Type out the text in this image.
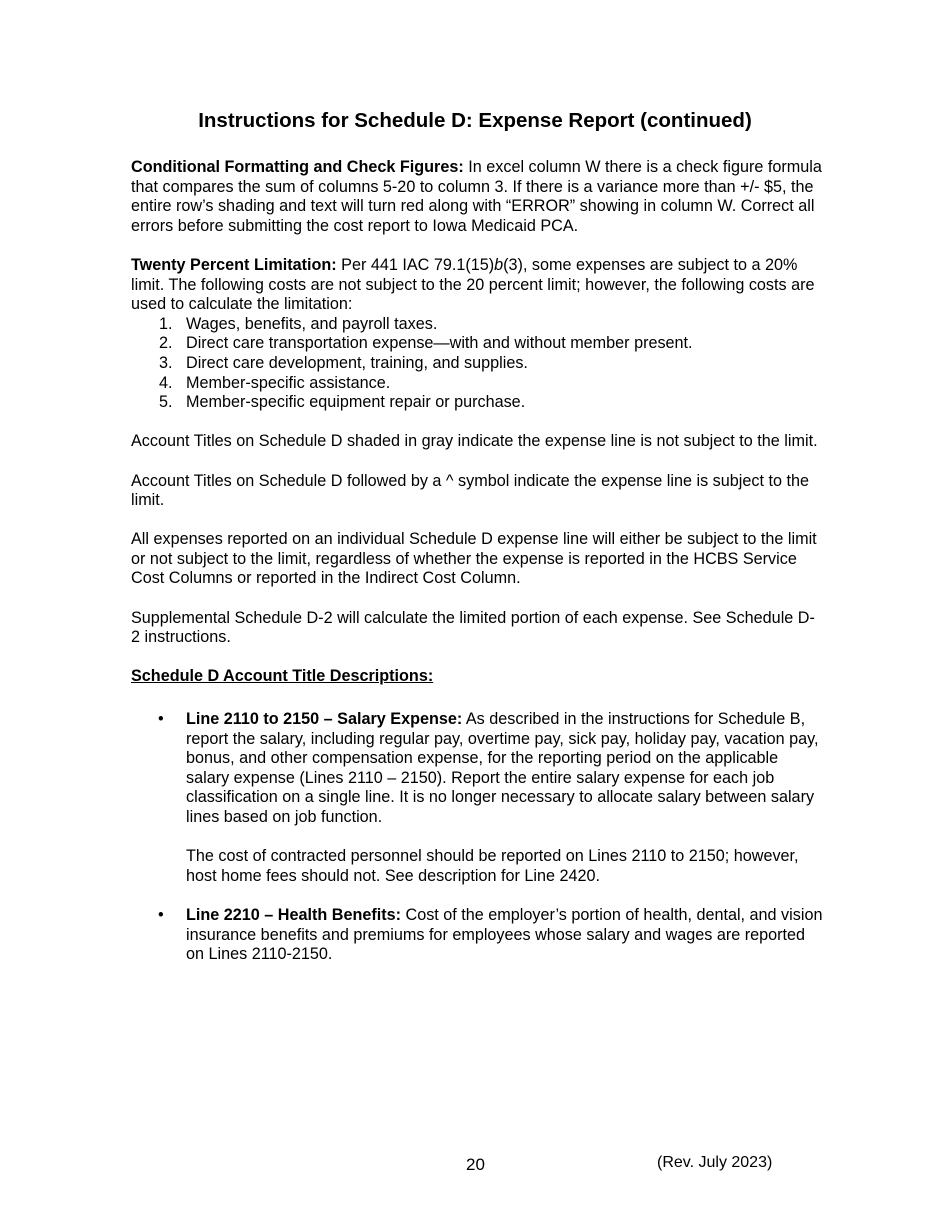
Instructions for Schedule D: Expense Report (continued)

Conditional Formatting and Check Figures: In excel column W there is a check figure formula that compares the sum of columns 5-20 to column 3. If there is a variance more than +/- $5, the entire row’s shading and text will turn red along with “ERROR” showing in column W. Correct all errors before submitting the cost report to Iowa Medicaid PCA.

Twenty Percent Limitation: Per 441 IAC 79.1(15)b(3), some expenses are subject to a 20% limit. The following costs are not subject to the 20 percent limit; however, the following costs are used to calculate the limitation:

1. Wages, benefits, and payroll taxes.
2. Direct care transportation expense—with and without member present.
3. Direct care development, training, and supplies.
4. Member-specific assistance.
5. Member-specific equipment repair or purchase.

Account Titles on Schedule D shaded in gray indicate the expense line is not subject to the limit.

Account Titles on Schedule D followed by a ^ symbol indicate the expense line is subject to the limit.

All expenses reported on an individual Schedule D expense line will either be subject to the limit or not subject to the limit, regardless of whether the expense is reported in the HCBS Service Cost Columns or reported in the Indirect Cost Column.

Supplemental Schedule D-2 will calculate the limited portion of each expense. See Schedule D-2 instructions.

Schedule D Account Title Descriptions:
• Line 2110 to 2150 – Salary Expense: As described in the instructions for Schedule B, report the salary, including regular pay, overtime pay, sick pay, holiday pay, vacation pay, bonus, and other compensation expense, for the reporting period on the applicable salary expense (Lines 2110 – 2150). Report the entire salary expense for each job classification on a single line. It is no longer necessary to allocate salary between salary lines based on job function.

The cost of contracted personnel should be reported on Lines 2110 to 2150; however, host home fees should not. See description for Line 2420.

• Line 2210 – Health Benefits: Cost of the employer’s portion of health, dental, and vision insurance benefits and premiums for employees whose salary and wages are reported on Lines 2110-2150.

20	(Rev. July 2023)
